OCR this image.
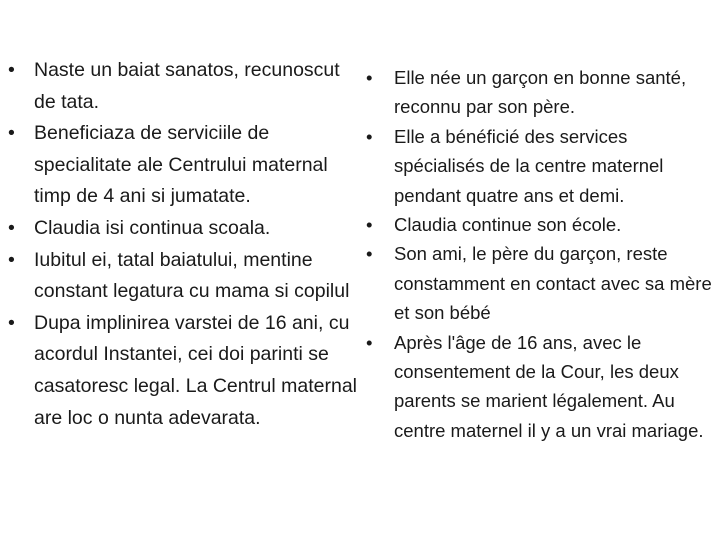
• Naste un baiat sanatos, recunoscut de tata.
• Beneficiaza de serviciile de specialitate ale Centrului maternal timp de 4 ani si jumatate.
• Claudia isi continua scoala.
• Iubitul ei, tatal baiatului, mentine constant legatura cu mama si copilul
• Dupa implinirea varstei de 16 ani, cu acordul Instantei, cei doi parinti se casatoresc legal. La Centrul maternal are loc o nunta adevarata.
•	Elle née un garçon en bonne santé, reconnu par son père.
•	Elle a bénéficié des services spécialisés de la centre maternel pendant quatre ans et demi.
•	Claudia continue son école.
•	Son ami, le père du garçon, reste constamment en contact avec sa mère et son bébé
•	Après l'âge de 16 ans, avec le consentement de la Cour, les deux parents se marient légalement. Au centre maternel il y a un vrai mariage.
